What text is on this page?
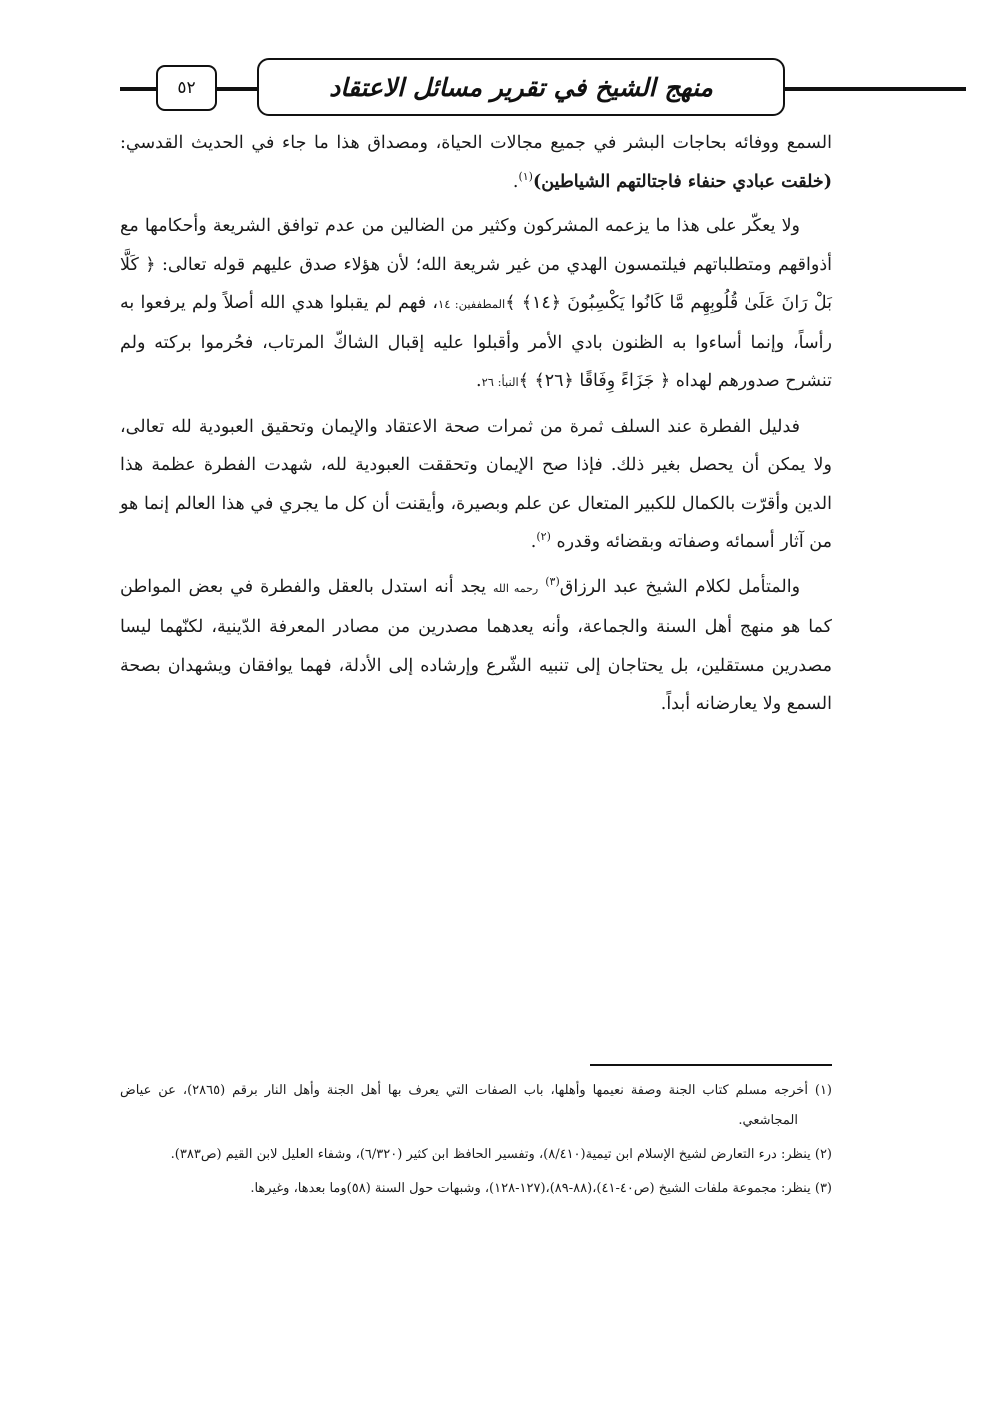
منهج الشيخ في تقرير مسائل الاعتقاد
٥٢

السمع ووفائه بحاجات البشر في جميع مجالات الحياة، ومصداق هذا ما جاء في الحديث القدسي: (خلقت عبادي حنفاء فاجتالتهم الشياطين)$^{(١)}$.

ولا يعكّر على هذا ما يزعمه المشركون وكثير من الضالين من عدم توافق الشريعة وأحكامها مع أذواقهم ومتطلباتهم فيلتمسون الهدي من غير شريعة الله؛ لأن هؤلاء صدق عليهم قوله تعالى: ﴿ كَلَّا بَلْ رَانَ عَلَىٰ قُلُوبِهِم مَّا كَانُوا يَكْسِبُونَ ﴿١٤﴾ ﴾المطففين: ١٤، فهم لم يقبلوا هدي الله أصلاً ولم يرفعوا به رأساً، وإنما أساءوا به الظنون بادي الأمر وأقبلوا عليه إقبال الشاكّ المرتاب، فحُرموا بركته ولم تنشرح صدورهم لهداه ﴿ جَزَاءً وِفَاقًا ﴿٢٦﴾ ﴾النبأ: ٢٦.

فدليل الفطرة عند السلف ثمرة من ثمرات صحة الاعتقاد والإيمان وتحقيق العبودية لله تعالى، ولا يمكن أن يحصل بغير ذلك. فإذا صح الإيمان وتحققت العبودية لله، شهدت الفطرة عظمة هذا الدين وأقرّت بالكمال للكبير المتعال عن علم وبصيرة، وأيقنت أن كل ما يجري في هذا العالم إنما هو من آثار أسمائه وصفاته وبقضائه وقدره $^{(٢)}$.

والمتأمل لكلام الشيخ عبد الرزاق$^{(٣)}$ رحمه الله يجد أنه استدل بالعقل والفطرة في بعض المواطن كما هو منهج أهل السنة والجماعة، وأنه يعدهما مصدرين من مصادر المعرفة الدّينية، لكنّهما ليسا مصدرين مستقلين، بل يحتاجان إلى تنبيه الشّرع وإرشاده إلى الأدلة، فهما يوافقان ويشهدان بصحة السمع ولا يعارضانه أبداً.

(١) أخرجه مسلم كتاب الجنة وصفة نعيمها وأهلها، باب الصفات التي يعرف بها أهل الجنة وأهل النار برقم (٢٨٦٥)، عن عياض المجاشعي.

(٢) ينظر: درء التعارض لشيخ الإسلام ابن تيمية(٨/٤١٠)، وتفسير الحافظ ابن كثير (٦/٣٢٠)، وشفاء العليل لابن القيم (ص٣٨٣).

(٣) ينظر: مجموعة ملفات الشيخ (ص٤٠-٤١)،(٨٨-٨٩)،(١٢٧-١٢٨)، وشبهات حول السنة (٥٨)وما بعدها، وغيرها.
